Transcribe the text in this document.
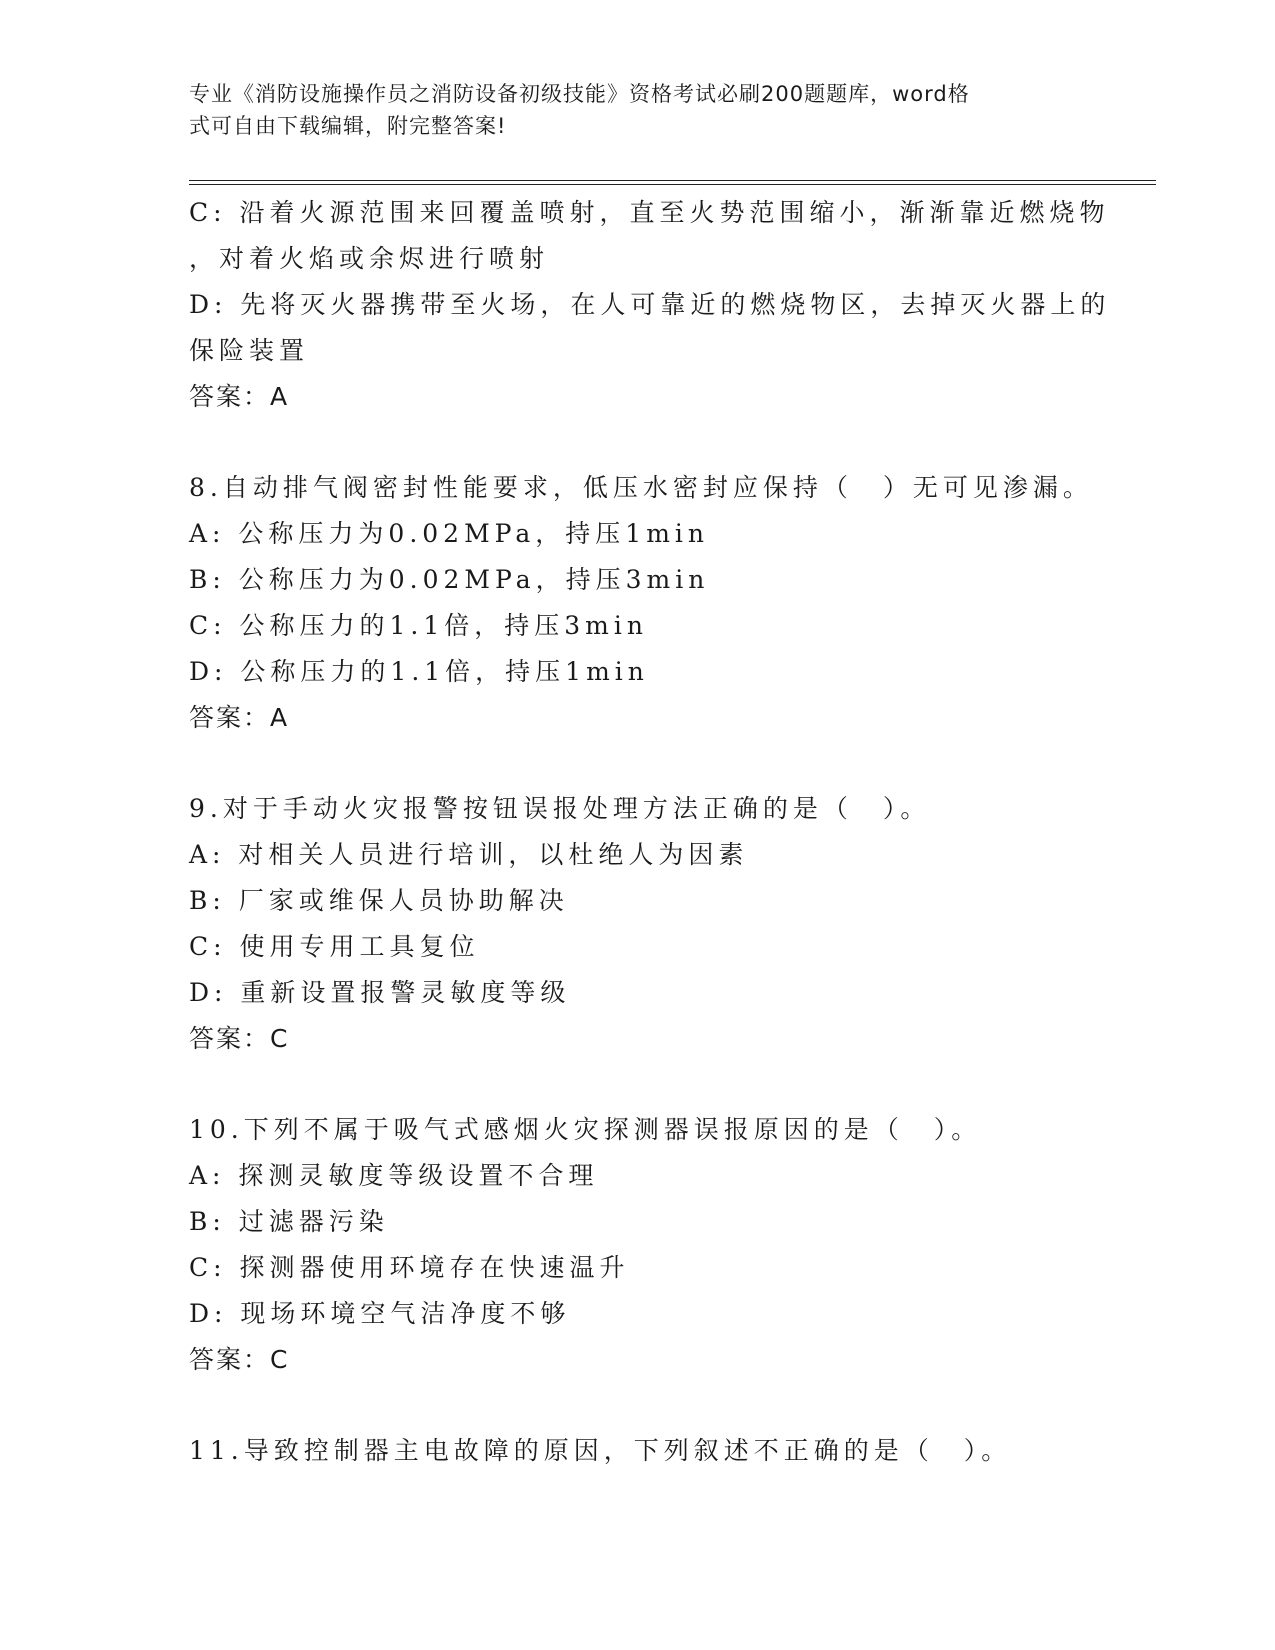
专业《消防设施操作员之消防设备初级技能》资格考试必刷200题题库，word格
式可自由下载编辑，附完整答案!
C: 沿着火源范围来回覆盖喷射，直至火势范围缩小，渐渐靠近燃烧物
，对着火焰或余烬进行喷射
D: 先将灭火器携带至火场，在人可靠近的燃烧物区，去掉灭火器上的
保险装置
答案：A
8.自动排气阀密封性能要求，低压水密封应保持（　）无可见渗漏。
A: 公称压力为0.02MPa，持压1min
B: 公称压力为0.02MPa，持压3min
C: 公称压力的1.1倍，持压3min
D: 公称压力的1.1倍，持压1min
答案：A
9.对于手动火灾报警按钮误报处理方法正确的是（　）。
A: 对相关人员进行培训，以杜绝人为因素
B: 厂家或维保人员协助解决
C: 使用专用工具复位
D: 重新设置报警灵敏度等级
答案：C
10.下列不属于吸气式感烟火灾探测器误报原因的是（　）。
A: 探测灵敏度等级设置不合理
B: 过滤器污染
C: 探测器使用环境存在快速温升
D: 现场环境空气洁净度不够
答案：C
11.导致控制器主电故障的原因，下列叙述不正确的是（　）。
